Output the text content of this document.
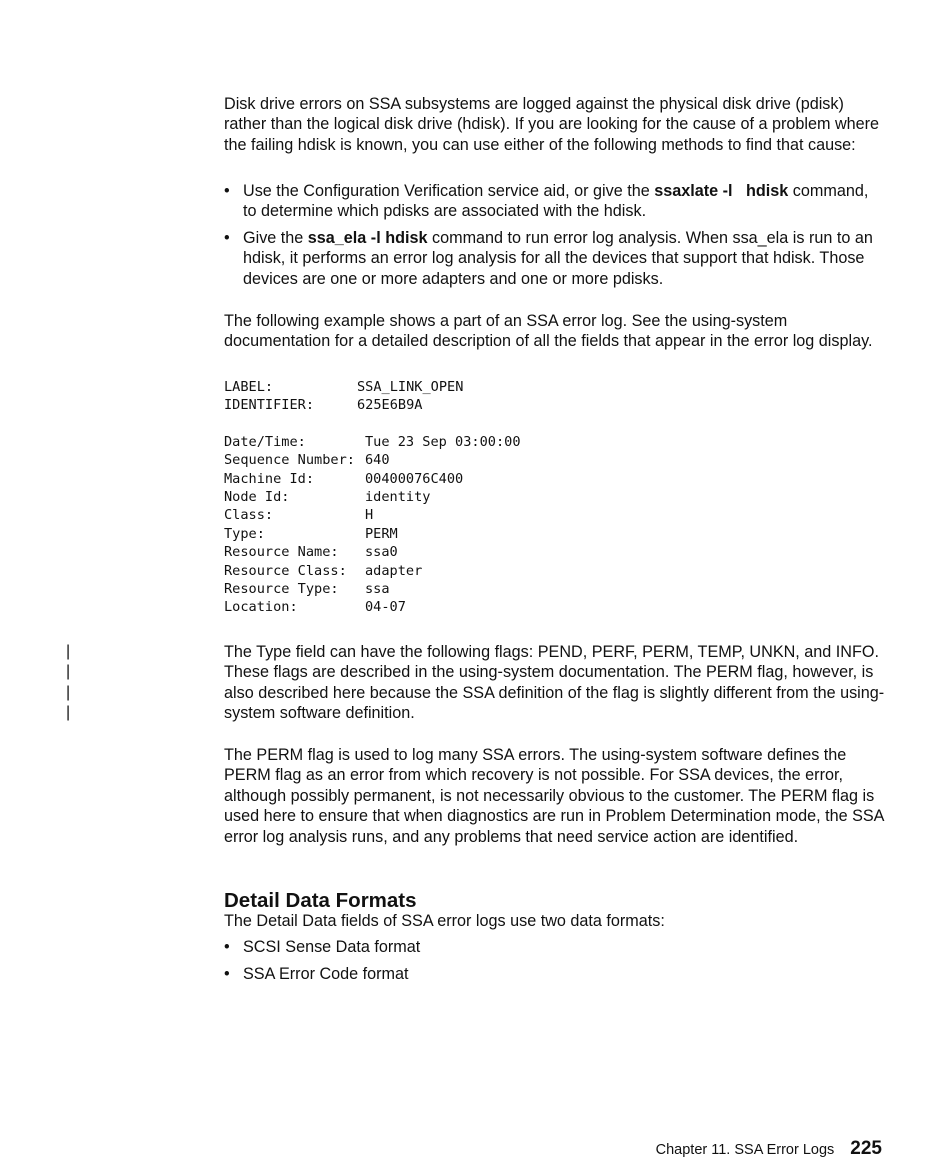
Disk drive errors on SSA subsystems are logged against the physical disk drive (pdisk) rather than the logical disk drive (hdisk). If you are looking for the cause of a problem where the failing hdisk is known, you can use either of the following methods to find that cause:

• Use the Configuration Verification service aid, or give the ssaxlate -l   hdisk command, to determine which pdisks are associated with the hdisk.
• Give the ssa_ela -l hdisk command to run error log analysis. When ssa_ela is run to an hdisk, it performs an error log analysis for all the devices that support that hdisk. Those devices are one or more adapters and one or more pdisks.

The following example shows a part of an SSA error log. See the using-system documentation for a detailed description of all the fields that appear in the error log display.

LABEL:	SSA_LINK_OPEN
IDENTIFIER:	625E6B9A
Date/Time:	Tue 23 Sep 03:00:00
Sequence Number: 640
Machine Id:	00400076C400
Node Id:	identity
Class:	H
Type:	PERM
Resource Name: ssa0
Resource Class: adapter
Resource Type: ssa
Location:	04-07
|
|
|
|

The Type field can have the following flags: PEND, PERF, PERM, TEMP, UNKN, and INFO. These flags are described in the using-system documentation. The PERM flag, however, is also described here because the SSA definition of the flag is slightly different from the using-system software definition.

The PERM flag is used to log many SSA errors. The using-system software defines the PERM flag as an error from which recovery is not possible. For SSA devices, the error, although possibly permanent, is not necessarily obvious to the customer. The PERM flag is used here to ensure that when diagnostics are run in Problem Determination mode, the SSA error log analysis runs, and any problems that need service action are identified.

Detail Data Formats

The Detail Data fields of SSA error logs use two data formats:

• SCSI Sense Data format
• SSA Error Code format
Chapter 11. SSA Error Logs 225
